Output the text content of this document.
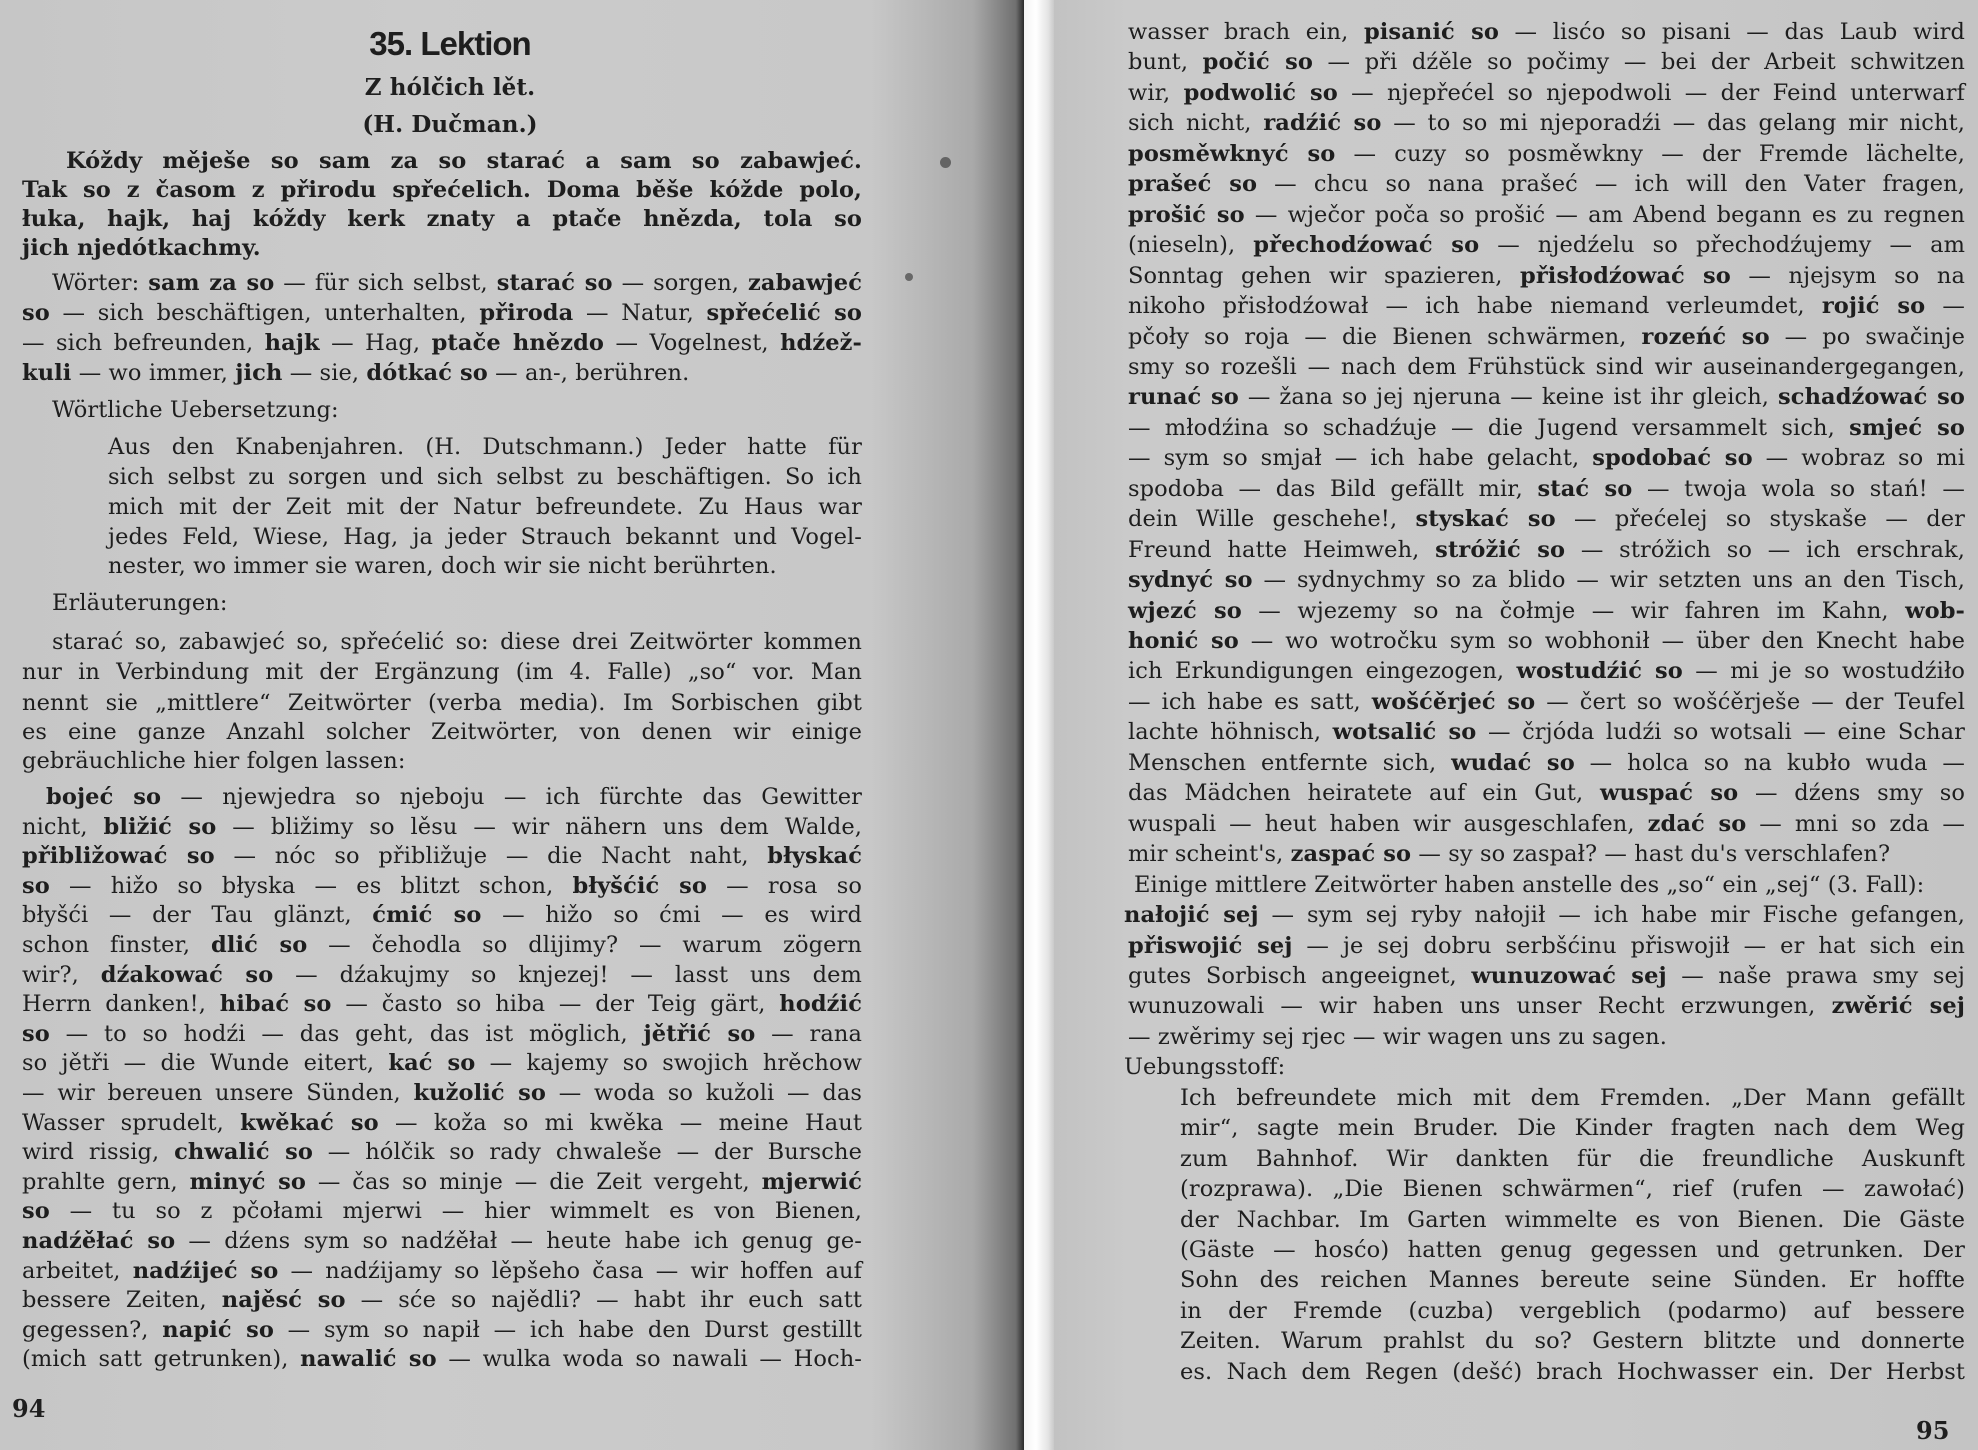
35. Lektion
Z hólčich lět.
(H. Dučman.)
Kóždy měješe so sam za so starać a sam so zabawjeć.
Tak so z časom z přirodu spřećelich. Doma běše kóžde polo,
łuka, hajk, haj kóždy kerk znaty a ptače hnězda, tola so
jich njedótkachmy.
Wörter: sam za so — für sich selbst, starać so — sorgen, zabawjeć
so — sich beschäftigen, unterhalten, přiroda — Natur, spřećelić so
— sich befreunden, hajk — Hag, ptače hnězdo — Vogelnest, hdźež-
kuli — wo immer, jich — sie, dótkać so — an-, berühren.
Wörtliche Uebersetzung:
Aus den Knabenjahren. (H. Dutschmann.) Jeder hatte für
sich selbst zu sorgen und sich selbst zu beschäftigen. So ich
mich mit der Zeit mit der Natur befreundete. Zu Haus war
jedes Feld, Wiese, Hag, ja jeder Strauch bekannt und Vogel-
nester, wo immer sie waren, doch wir sie nicht berührten.
Erläuterungen:
starać so, zabawjeć so, spřećelić so: diese drei Zeitwörter kommen
nur in Verbindung mit der Ergänzung (im 4. Falle) „so“ vor. Man
nennt sie „mittlere“ Zeitwörter (verba media). Im Sorbischen gibt
es eine ganze Anzahl solcher Zeitwörter, von denen wir einige
gebräuchliche hier folgen lassen:
bojeć so — njewjedra so njeboju — ich fürchte das Gewitter
nicht, bližić so — bližimy so lěsu — wir nähern uns dem Walde,
přibližować so — nóc so přibližuje — die Nacht naht, błyskać
so — hižo so błyska — es blitzt schon, błyšćić so — rosa so
błyšći — der Tau glänzt, ćmić so — hižo so ćmi — es wird
schon finster, dlić so — čehodla so dlijimy? — warum zögern
wir?, dźakować so — dźakujmy so knjezej! — lasst uns dem
Herrn danken!, hibać so — často so hiba — der Teig gärt, hodźić
so — to so hodźi — das geht, das ist möglich, jětřić so — rana
so jětři — die Wunde eitert, kać so — kajemy so swojich hrěchow
— wir bereuen unsere Sünden, kužolić so — woda so kužoli — das
Wasser sprudelt, kwěkać so — koža so mi kwěka — meine Haut
wird rissig, chwalić so — hólčik so rady chwaleše — der Bursche
prahlte gern, minyć so — čas so minje — die Zeit vergeht, mjerwić
so — tu so z pčołami mjerwi — hier wimmelt es von Bienen,
nadźěłać so — dźens sym so nadźěłał — heute habe ich genug ge-
arbeitet, nadźijeć so — nadźijamy so lěpšeho časa — wir hoffen auf
bessere Zeiten, najěsć so — sće so najědli? — habt ihr euch satt
gegessen?, napić so — sym so napił — ich habe den Durst gestillt
(mich satt getrunken), nawalić so — wulka woda so nawali — Hoch-
94
wasser brach ein, pisanić so — lisćo so pisani — das Laub wird
bunt, počić so — při dźěle so počimy — bei der Arbeit schwitzen
wir, podwolić so — njepřećel so njepodwoli — der Feind unterwarf
sich nicht, radźić so — to so mi njeporadźi — das gelang mir nicht,
posměwknyć so — cuzy so posměwkny — der Fremde lächelte,
prašeć so — chcu so nana prašeć — ich will den Vater fragen,
prošić so — wječor poča so prošić — am Abend begann es zu regnen
(nieseln), přechodźować so — njedźelu so přechodźujemy — am
Sonntag gehen wir spazieren, přisłodźować so — njejsym so na
nikoho přisłodźował — ich habe niemand verleumdet, rojić so —
pčoły so roja — die Bienen schwärmen, rozeńć so — po swačinje
smy so rozešli — nach dem Frühstück sind wir auseinandergegangen,
runać so — žana so jej njeruna — keine ist ihr gleich, schadźować so
— młodźina so schadźuje — die Jugend versammelt sich, smjeć so
— sym so smjał — ich habe gelacht, spodobać so — wobraz so mi
spodoba — das Bild gefällt mir, stać so — twoja wola so stań! —
dein Wille geschehe!, styskać so — přećelej so styskaše — der
Freund hatte Heimweh, stróžić so — stróžich so — ich erschrak,
sydnyć so — sydnychmy so za blido — wir setzten uns an den Tisch,
wjezć so — wjezemy so na čołmje — wir fahren im Kahn, wob-
honić so — wo wotročku sym so wobhonił — über den Knecht habe
ich Erkundigungen eingezogen, wostudźić so — mi je so wostudźiło
— ich habe es satt, wošćěrjeć so — čert so wošćěrješe — der Teufel
lachte höhnisch, wotsalić so — črjóda ludźi so wotsali — eine Schar
Menschen entfernte sich, wudać so — holca so na kubło wuda —
das Mädchen heiratete auf ein Gut, wuspać so — dźens smy so
wuspali — heut haben wir ausgeschlafen, zdać so — mni so zda —
mir scheint's, zaspać so — sy so zaspał? — hast du's verschlafen?
Einige mittlere Zeitwörter haben anstelle des „so“ ein „sej“ (3. Fall):
nałojić sej — sym sej ryby nałojił — ich habe mir Fische gefangen,
přiswojić sej — je sej dobru serbšćinu přiswojił — er hat sich ein
gutes Sorbisch angeeignet, wunuzować sej — naše prawa smy sej
wunuzowali — wir haben uns unser Recht erzwungen, zwěrić sej
— zwěrimy sej rjec — wir wagen uns zu sagen.
Uebungsstoff:
Ich befreundete mich mit dem Fremden. „Der Mann gefällt
mir“, sagte mein Bruder. Die Kinder fragten nach dem Weg
zum Bahnhof. Wir dankten für die freundliche Auskunft
(rozprawa). „Die Bienen schwärmen“, rief (rufen — zawołać)
der Nachbar. Im Garten wimmelte es von Bienen. Die Gäste
(Gäste — hosćo) hatten genug gegessen und getrunken. Der
Sohn des reichen Mannes bereute seine Sünden. Er hoffte
in der Fremde (cuzba) vergeblich (podarmo) auf bessere
Zeiten. Warum prahlst du so? Gestern blitzte und donnerte
es. Nach dem Regen (dešć) brach Hochwasser ein. Der Herbst
95
